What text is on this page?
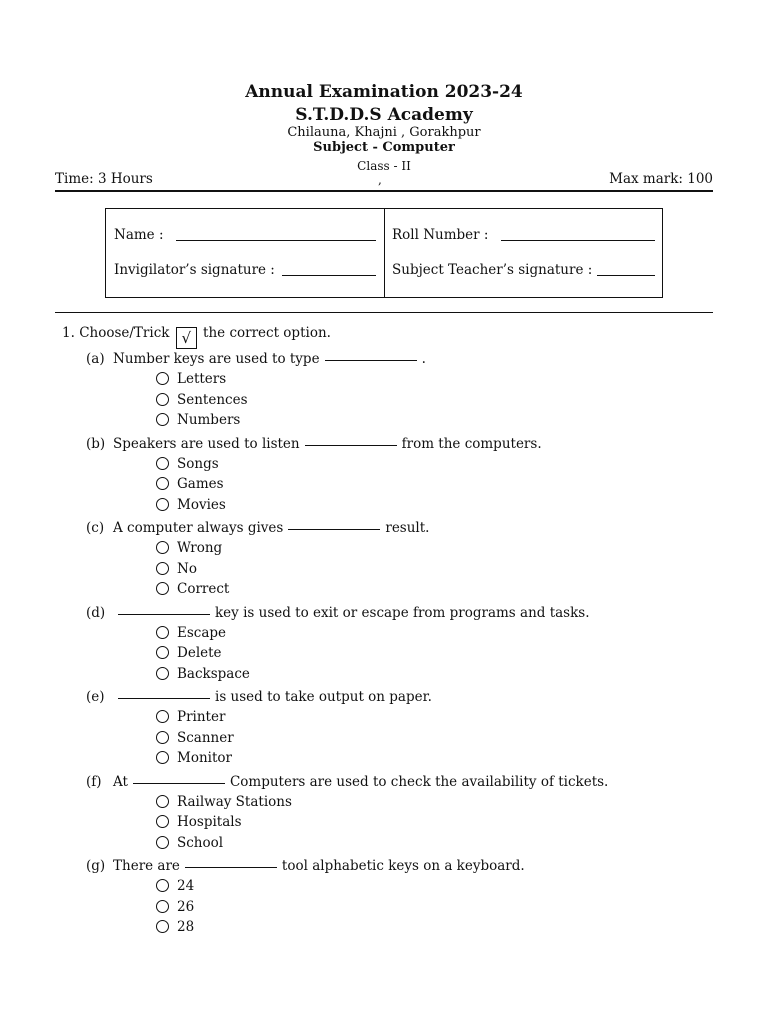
Annual Examination 2023-24
S.T.D.D.S Academy
Chilauna, Khajni , Gorakhpur
Subject - Computer
Class - II
,
Time: 3 Hours	Max mark: 100
Name :	Roll Number :
Invigilator’s signature :	Subject Teacher’s signature :
1. Choose/Trick √ the correct option.
(a) Number keys are used to type	.
Letters
Sentences
Numbers
(b) Speakers are used to listen	from the computers.
Songs
Games
Movies
(c) A computer always gives	result.
Wrong
No
Correct
(d)	key is used to exit or escape from programs and tasks.
Escape
Delete
Backspace
(e)	is used to take output on paper.
Printer
Scanner
Monitor
(f) At	Computers are used to check the availability of tickets.
Railway Stations
Hospitals
School
(g) There are	tool alphabetic keys on a keyboard.
24
26
28
